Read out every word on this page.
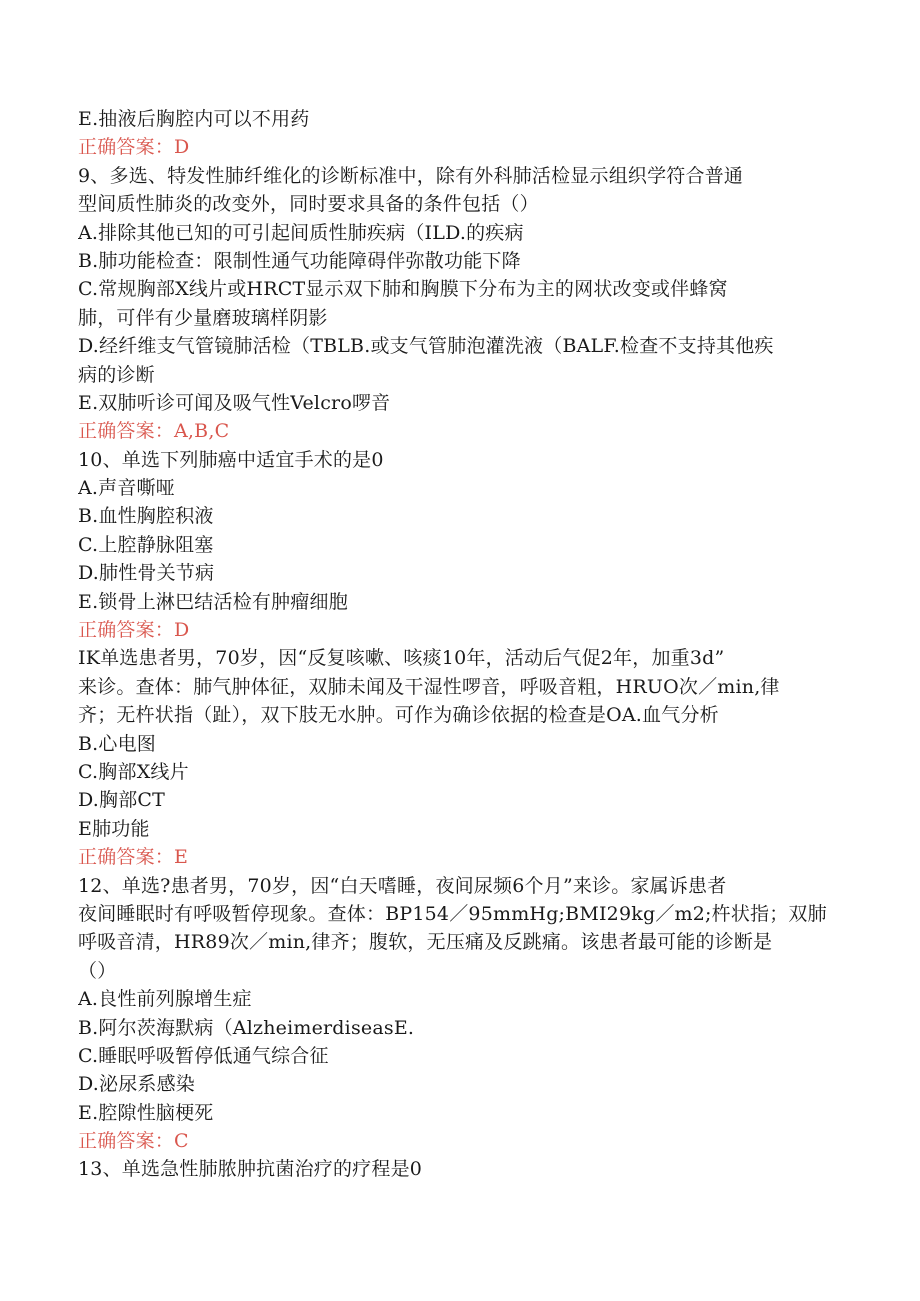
E.抽液后胸腔内可以不用药
正确答案：D
9、多选、特发性肺纤维化的诊断标准中，除有外科肺活检显示组织学符合普通
型间质性肺炎的改变外，同时要求具备的条件包括（）
A.排除其他已知的可引起间质性肺疾病（ILD.的疾病
B.肺功能检查：限制性通气功能障碍伴弥散功能下降
C.常规胸部X线片或HRCT显示双下肺和胸膜下分布为主的网状改变或伴蜂窝
肺，可伴有少量磨玻璃样阴影
D.经纤维支气管镜肺活检（TBLB.或支气管肺泡灌洗液（BALF.检查不支持其他疾
病的诊断
E.双肺听诊可闻及吸气性Velcro啰音
正确答案：A,B,C
10、单选下列肺癌中适宜手术的是0
A.声音嘶哑
B.血性胸腔积液
C.上腔静脉阻塞
D.肺性骨关节病
E.锁骨上淋巴结活检有肿瘤细胞
正确答案：D
IK单选患者男，70岁，因“反复咳嗽、咳痰10年，活动后气促2年，加重3d”
来诊。查体：肺气肿体征，双肺未闻及干湿性啰音，呼吸音粗，HRUO次／min,律
齐；无杵状指（趾），双下肢无水肿。可作为确诊依据的检查是OA.血气分析
B.心电图
C.胸部X线片
D.胸部CT
E肺功能
正确答案：E
12、单选?患者男，70岁，因“白天嗜睡，夜间尿频6个月”来诊。家属诉患者
夜间睡眠时有呼吸暂停现象。查体：BP154／95mmHg;BMI29kg／m2;杵状指；双肺
呼吸音清，HR89次／min,律齐；腹软，无压痛及反跳痛。该患者最可能的诊断是
（）
A.良性前列腺增生症
B.阿尔茨海默病（AlzheimerdiseasE.
C.睡眠呼吸暂停低通气综合征
D.泌尿系感染
E.腔隙性脑梗死
正确答案：C
13、单选急性肺脓肿抗菌治疗的疗程是0
